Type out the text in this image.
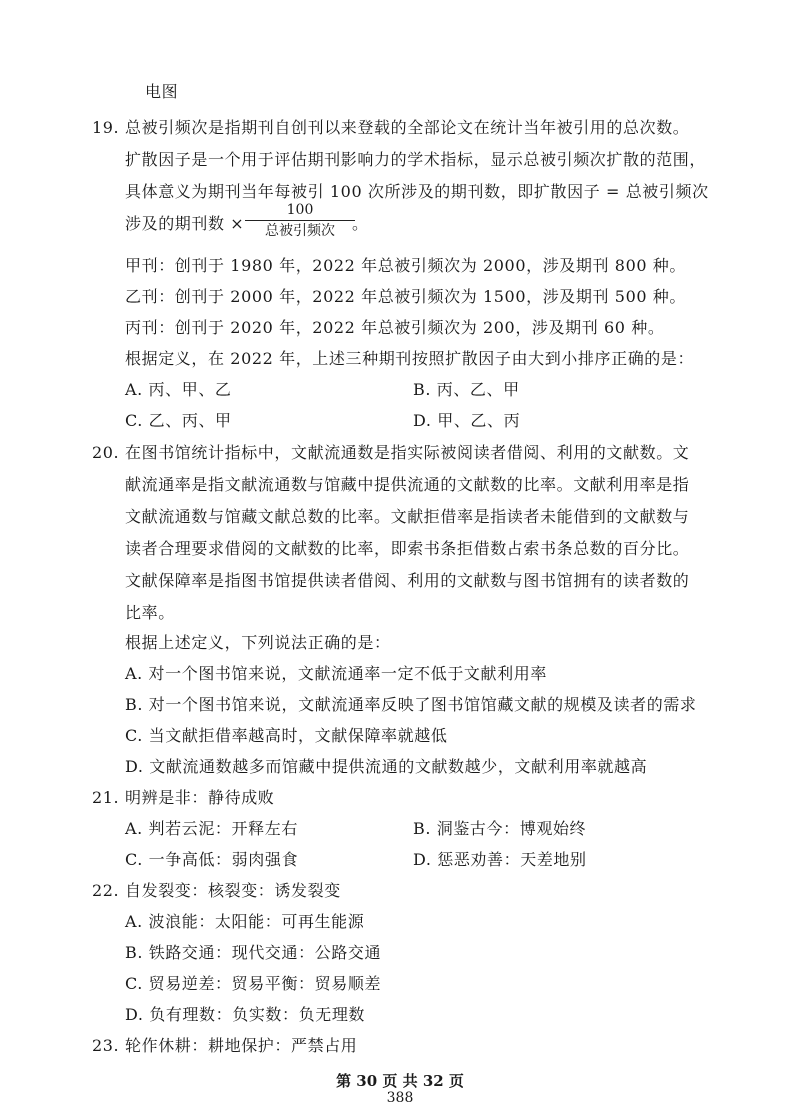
电图
19. 总被引频次是指期刊自创刊以来登载的全部论文在统计当年被引用的总次数。
扩散因子是一个用于评估期刊影响力的学术指标，显示总被引频次扩散的范围，
具体意义为期刊当年每被引 100 次所涉及的期刊数，即扩散因子 = 总被引频次
涉及的期刊数 ×
100
总被引频次	。
甲刊：创刊于 1980 年，2022 年总被引频次为 2000，涉及期刊 800 种。
乙刊：创刊于 2000 年，2022 年总被引频次为 1500，涉及期刊 500 种。
丙刊：创刊于 2020 年，2022 年总被引频次为 200，涉及期刊 60 种。
根据定义，在 2022 年，上述三种期刊按照扩散因子由大到小排序正确的是：
A. 丙、甲、乙	B. 丙、乙、甲
C. 乙、丙、甲	D. 甲、乙、丙
20. 在图书馆统计指标中，文献流通数是指实际被阅读者借阅、利用的文献数。文
献流通率是指文献流通数与馆藏中提供流通的文献数的比率。文献利用率是指
文献流通数与馆藏文献总数的比率。文献拒借率是指读者未能借到的文献数与
读者合理要求借阅的文献数的比率，即索书条拒借数占索书条总数的百分比。
文献保障率是指图书馆提供读者借阅、利用的文献数与图书馆拥有的读者数的
比率。
根据上述定义，下列说法正确的是：
A. 对一个图书馆来说，文献流通率一定不低于文献利用率
B. 对一个图书馆来说，文献流通率反映了图书馆馆藏文献的规模及读者的需求
C. 当文献拒借率越高时，文献保障率就越低
D. 文献流通数越多而馆藏中提供流通的文献数越少，文献利用率就越高
21. 明辨是非：静待成败
A. 判若云泥：开释左右	B. 洞鉴古今：博观始终
C. 一争高低：弱肉强食	D. 惩恶劝善：天差地别
22. 自发裂变：核裂变：诱发裂变
A. 波浪能：太阳能：可再生能源
B. 铁路交通：现代交通：公路交通
C. 贸易逆差：贸易平衡：贸易顺差
D. 负有理数：负实数：负无理数
23. 轮作休耕：耕地保护：严禁占用
第 30 页 共 32 页
388
